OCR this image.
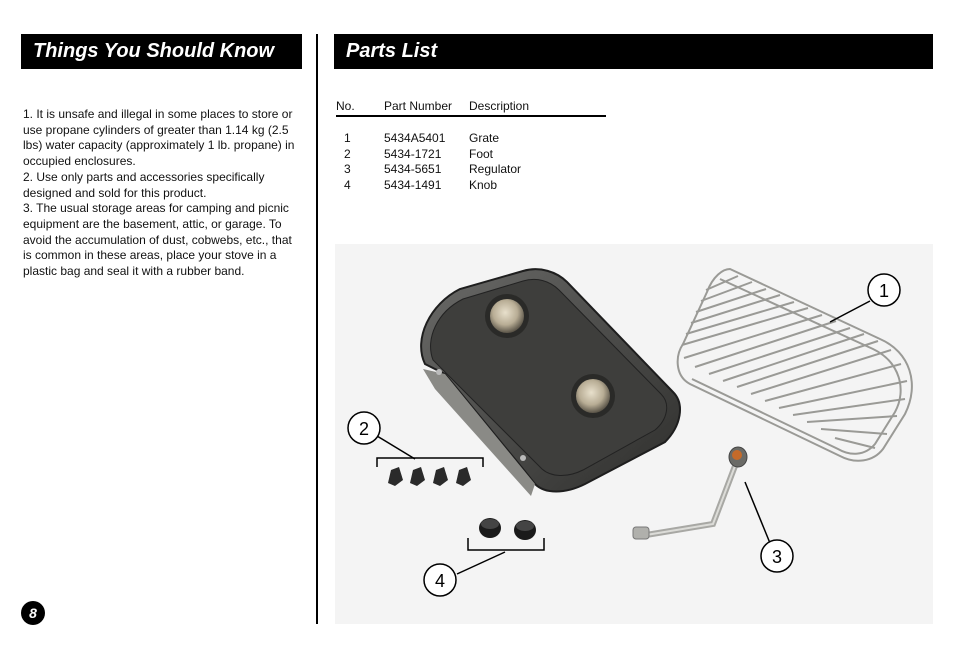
Things You Should Know	Parts List

1. It is unsafe and illegal in some places to store or use propane cylinders of greater than 1.14 kg (2.5 lbs) water capacity (approximately 1 lb. propane) in occupied enclosures.

2. Use only parts and accessories specifically designed and sold for this product.

3. The usual storage areas for camping and picnic equipment are the basement, attic, or garage. To avoid the accumulation of dust, cobwebs, etc., that is common in these areas, place your stove in a plastic bag and seal it with a rubber band.

No.	Part Number	Description
1	5434A5401	Grate
2	5434-1721	Foot
3	5434-5651	Regulator
4	5434-1491	Knob
1
2
3
4
8
